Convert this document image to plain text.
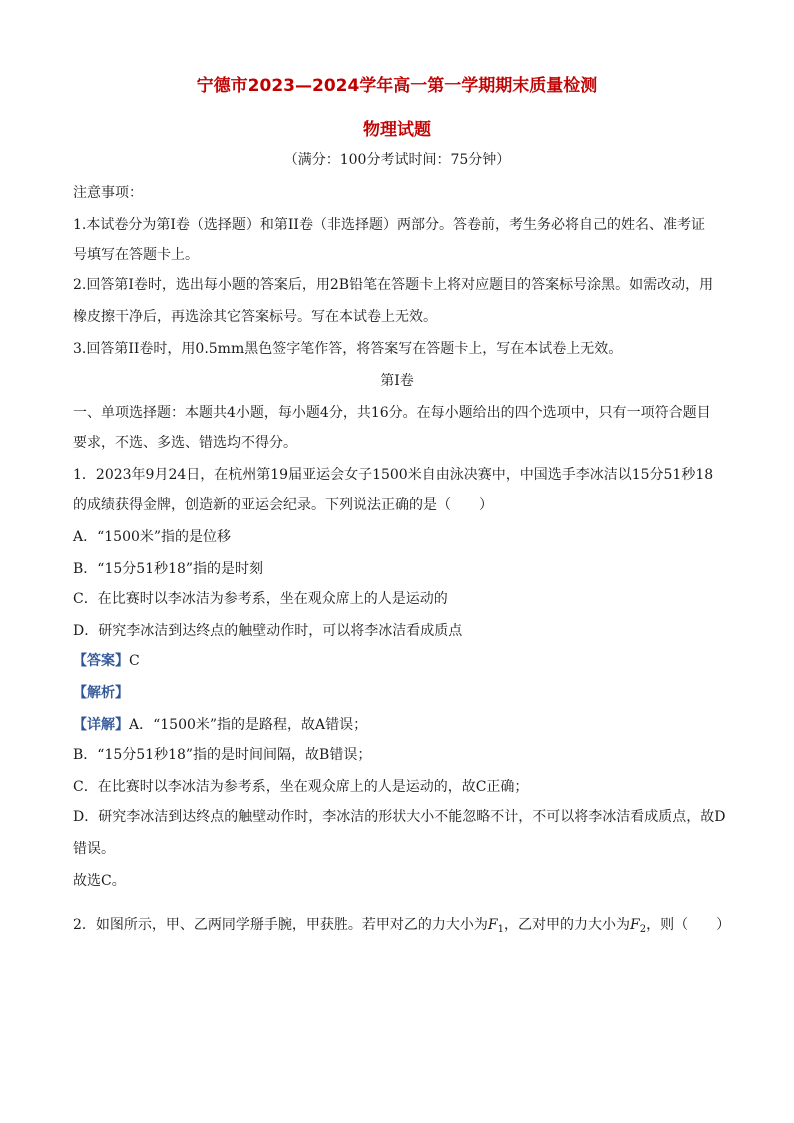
宁德市2023—2024学年高一第一学期期末质量检测
物理试题
（满分：100分考试时间：75分钟）
注意事项：
1.本试卷分为第Ⅰ卷（选择题）和第II卷（非选择题）两部分。答卷前，考生务必将自己的姓名、准考证
号填写在答题卡上。
2.回答第Ⅰ卷时，选出每小题的答案后，用2B铅笔在答题卡上将对应题目的答案标号涂黑。如需改动，用
橡皮擦干净后，再选涂其它答案标号。写在本试卷上无效。
3.回答第II卷时，用0.5mm黑色签字笔作答，将答案写在答题卡上，写在本试卷上无效。
第Ⅰ卷
一、单项选择题：本题共4小题，每小题4分，共16分。在每小题给出的四个选项中，只有一项符合题目
要求，不选、多选、错选均不得分。
1．2023年9月24日，在杭州第19届亚运会女子1500米自由泳决赛中，中国选手李冰洁以15分51秒18
的成绩获得金牌，创造新的亚运会纪录。下列说法正确的是（　　）
A．“1500米”指的是位移
B．“15分51秒18”指的是时刻
C．在比赛时以李冰洁为参考系，坐在观众席上的人是运动的
D．研究李冰洁到达终点的触壁动作时，可以将李冰洁看成质点
【答案】C
【解析】
【详解】A．“1500米”指的是路程，故A错误；
B．“15分51秒18”指的是时间间隔，故B错误；
C．在比赛时以李冰洁为参考系，坐在观众席上的人是运动的，故C正确；
D．研究李冰洁到达终点的触壁动作时，李冰洁的形状大小不能忽略不计，不可以将李冰洁看成质点，故D
错误。
故选C。
2．如图所示，甲、乙两同学掰手腕，甲获胜。若甲对乙的力大小为$F_1$，乙对甲的力大小为$F_2$，则（　　）
